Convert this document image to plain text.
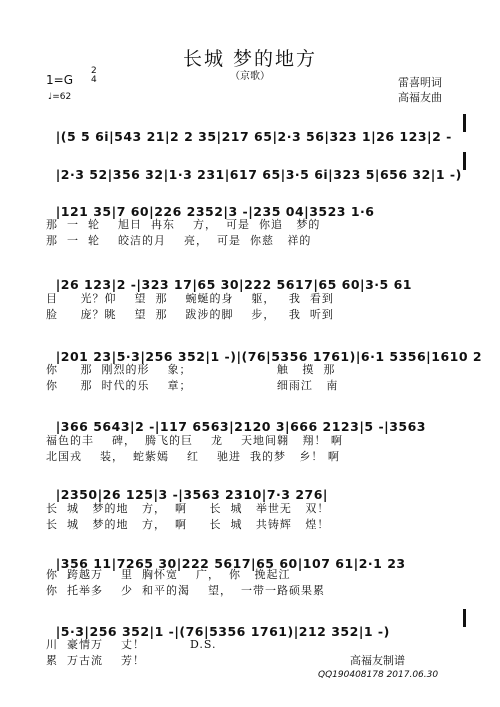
长城 梦的地方
（京歌）
1=G
2
4
♩=62
雷喜明词
高福友曲

|(5 5 6i|543 21|2 2 35|217 65|2·3 56|323 1|26 123|2 -

|2·3 52|356 32|1·3 231|617 65|3·5 6i|323 5|656 32|1 -)

|121 35|7 60|226 2352|3 -|235 04|3523 1·6

那  一  轮    旭日  冉东    方，  可是  你追   梦的
那  一  轮    皎洁的月    亮，  可是  你慈   祥的

|26 123|2 -|323 17|65 30|222 5617|65 60|3·5 61

目     光？仰    望  那    蜿蜒的身    躯，   我  看到
脸     庞？眺    望  那    跋涉的脚    步，   我  听到

|201 23|5·3|256 352|1 -)|(76|5356 1761)|6·1 5356|1610 2

你     那  刚烈的形    象；                   触   摸  那
你     那  时代的乐    章；                   细雨江   南

|366 5643|2 -|117 6563|2120 3|666 2123|5 -|3563

福色的丰    碑，  腾飞的巨    龙    天地间翱   翔！ 啊
北国戎    装，  蛇紫嫣    红    驰进  我的梦   乡！ 啊

|2350|26 125|3 -|3563 2310|7·3 276|

长  城   梦的地   方，  啊     长  城   举世无   双！
长  城   梦的地   方，  啊     长  城   共铸辉   煌！

|356 11|7265 30|222 5617|65 60|107 61|2·1 23

你  跨越万    里  胸怀宽    广，  你   挽起江
你  托举多    少  和平的渴    望，  一带一路硕果累

|5·3|256 352|1 -|(76|5356 1761)|212 352|1 -)

川  豪情万    丈！          D.S.
累  万古流    芳！	高福友制谱
QQ190408178 2017.06.30
